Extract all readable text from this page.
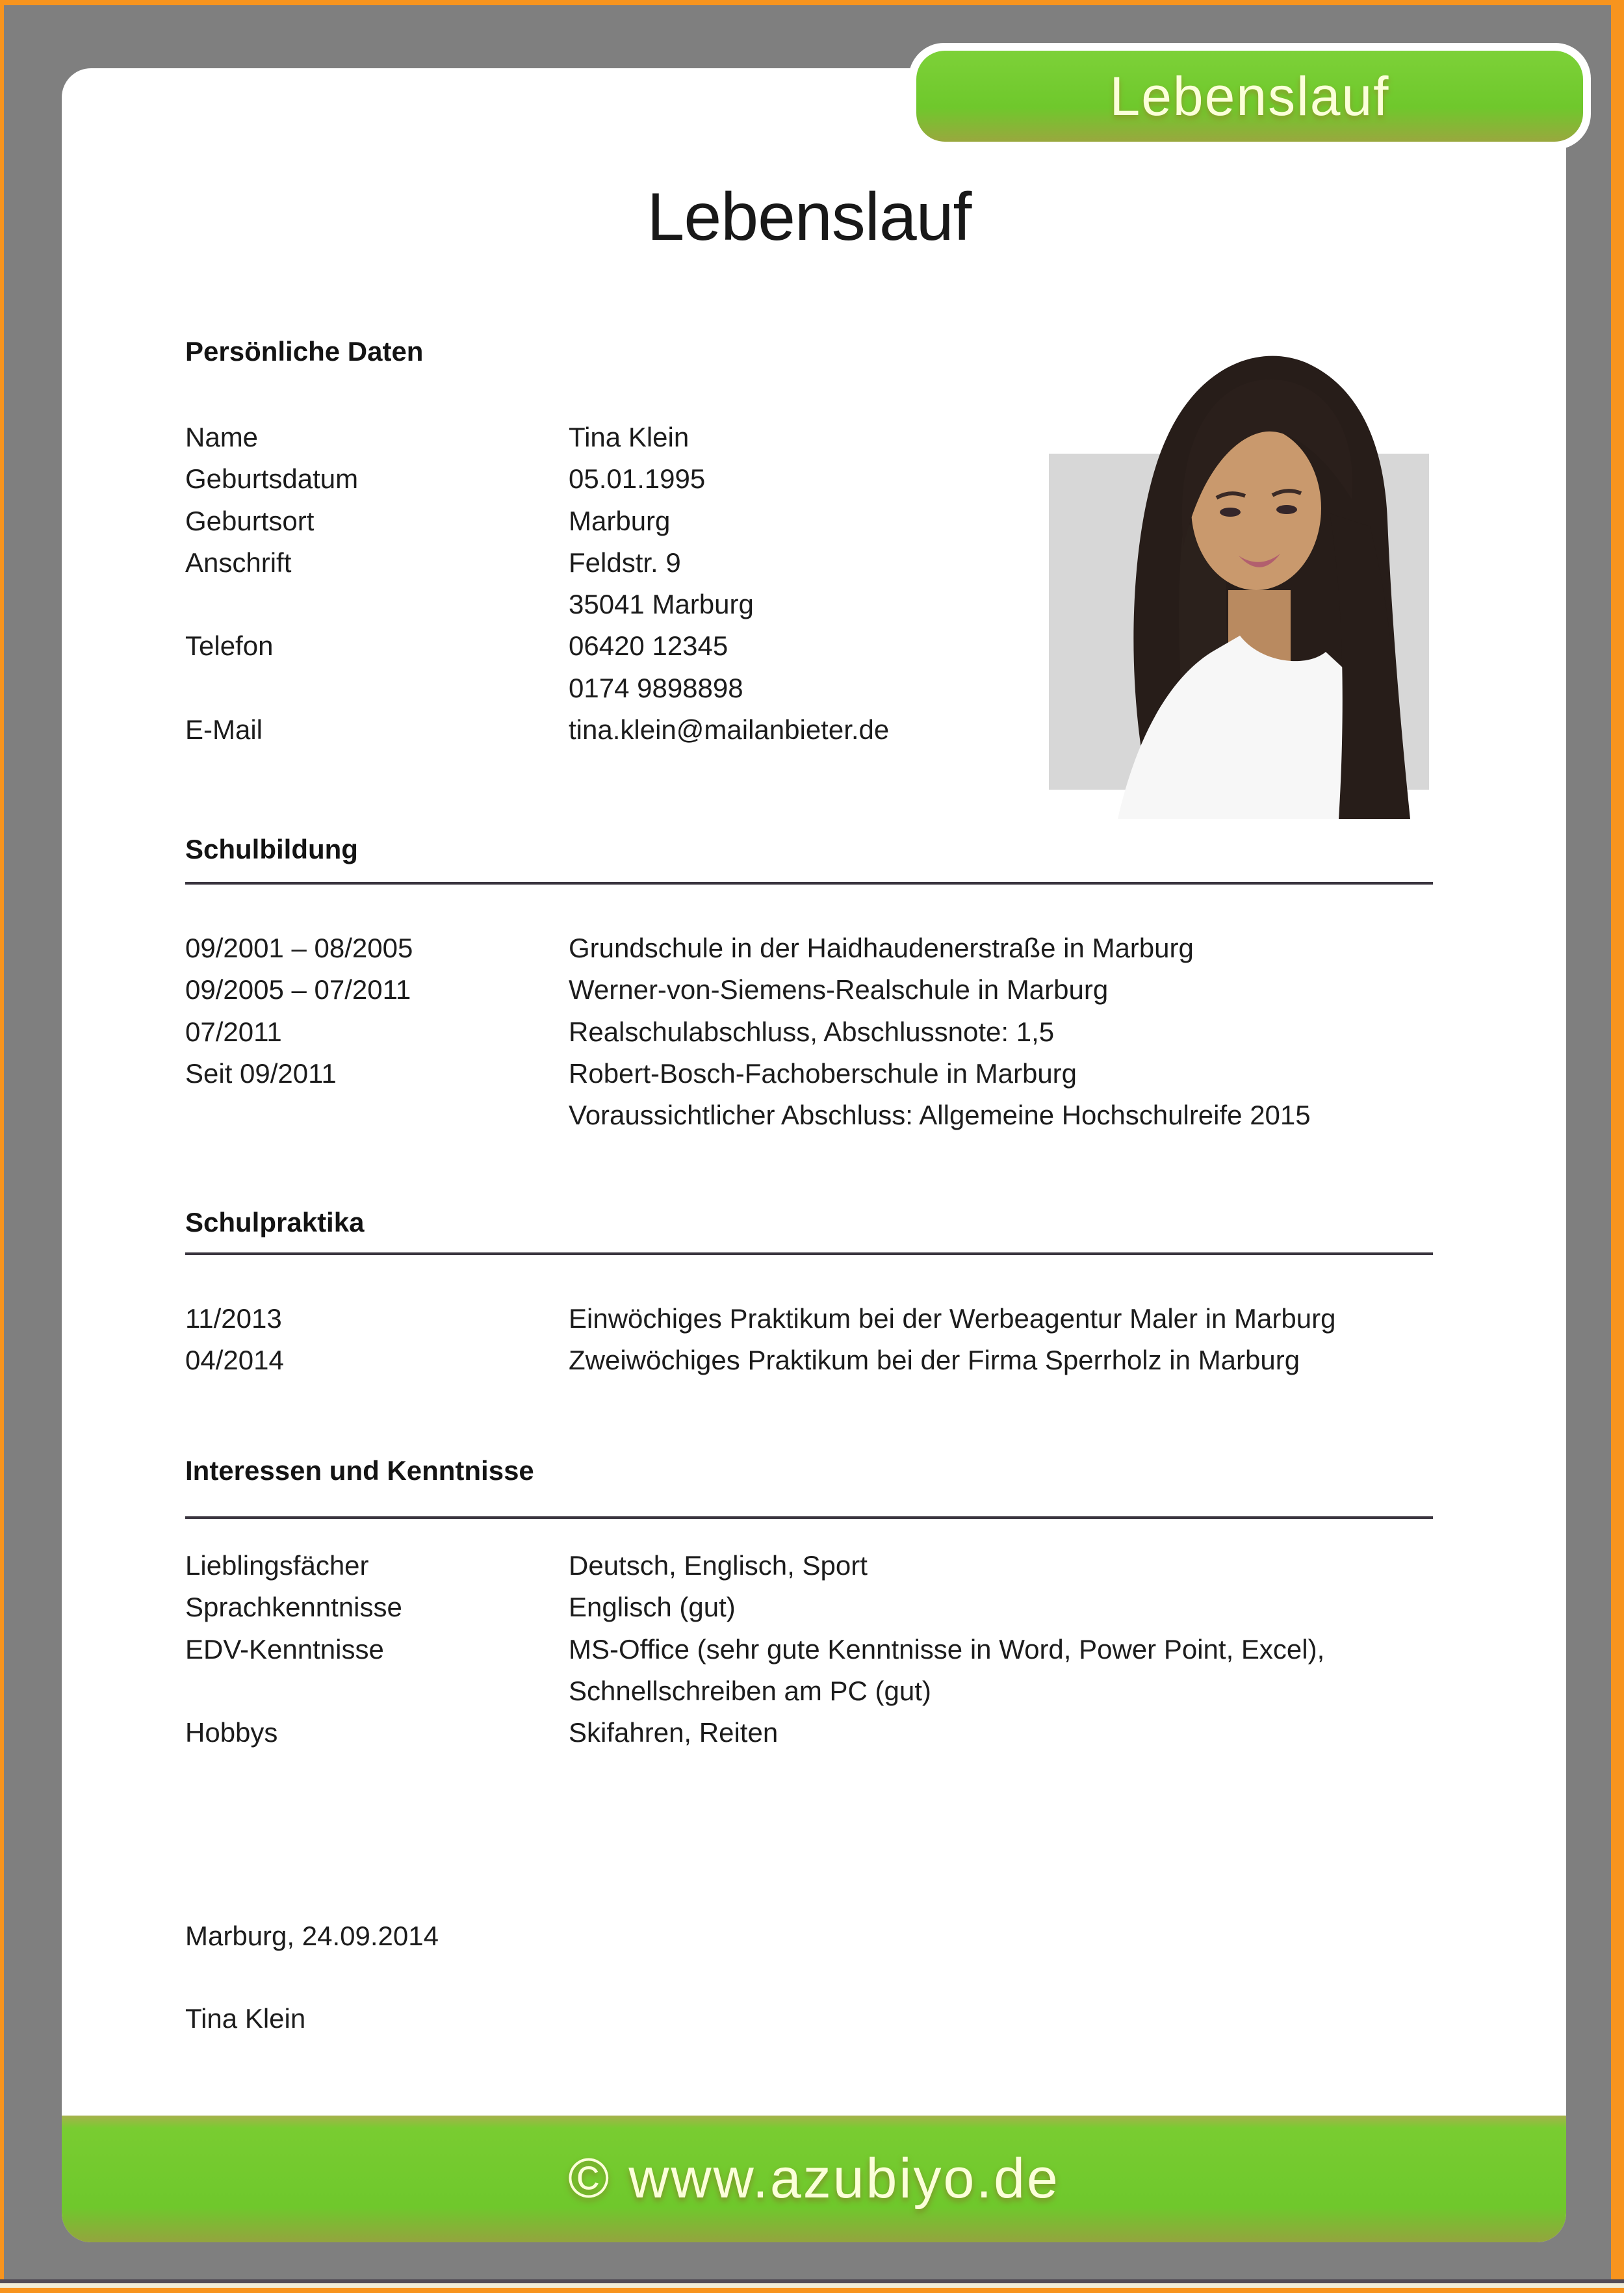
Lebenslauf
Lebenslauf
Persönliche Daten
Name	Tina Klein
Geburtsdatum	05.01.1995
Geburtsort	Marburg
Anschrift	Feldstr. 9
35041 Marburg
Telefon	06420 12345
0174 9898898
E-Mail	tina.klein@mailanbieter.de
Schulbildung
09/2001 – 08/2005	Grundschule in der Haidhaudenerstraße in Marburg
09/2005 – 07/2011	Werner-von-Siemens-Realschule in Marburg
07/2011	Realschulabschluss, Abschlussnote: 1,5
Seit 09/2011	Robert-Bosch-Fachoberschule in Marburg
Voraussichtlicher Abschluss: Allgemeine Hochschulreife 2015
Schulpraktika
11/2013	Einwöchiges Praktikum bei der Werbeagentur Maler in Marburg
04/2014	Zweiwöchiges Praktikum bei der Firma Sperrholz in Marburg
Interessen und Kenntnisse
Lieblingsfächer	Deutsch, Englisch, Sport
Sprachkenntnisse	Englisch (gut)
EDV-Kenntnisse	MS-Office (sehr gute Kenntnisse in Word, Power Point, Excel),
Schnellschreiben am PC (gut)
Hobbys	Skifahren, Reiten
Marburg, 24.09.2014
Tina Klein
© www.azubiyo.de
